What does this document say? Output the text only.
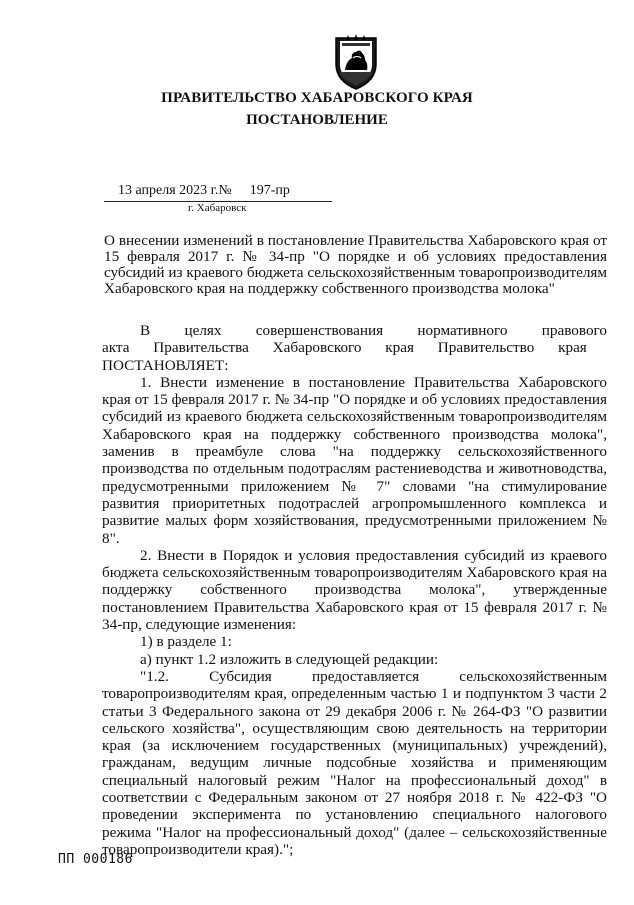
ПРАВИТЕЛЬСТВО ХАБАРОВСКОГО КРАЯ
ПОСТАНОВЛЕНИЕ
13 апреля 2023 г.№ 197-пр
г. Хабаровск
О внесении изменений в постановление Правительства Хабаровского края от 15 февраля 2017 г. № 34-пр "О порядке и об условиях предоставления субсидий из краевого бюджета сельскохозяйственным товаропроизводителям Хабаровского края на поддержку собственного производства молока"

В целях совершенствования нормативного правового акта Правительства Хабаровского края Правительство края

ПОСТАНОВЛЯЕТ:

1. Внести изменение в постановление Правительства Хабаровского края от 15 февраля 2017 г. № 34-пр "О порядке и об условиях предоставления субсидий из краевого бюджета сельскохозяйственным товаропроизводителям Хабаровского края на поддержку собственного производства молока", заменив в преамбуле слова "на поддержку сельскохозяйственного производства по отдельным подотраслям растениеводства и животноводства, предусмотренными приложением № 7" словами "на стимулирование развития приоритетных подотраслей агропромышленного комплекса и развитие малых форм хозяйствования, предусмотренными приложением № 8".

2. Внести в Порядок и условия предоставления субсидий из краевого бюджета сельскохозяйственным товаропроизводителям Хабаровского края на поддержку собственного производства молока", утвержденные постановлением Правительства Хабаровского края от 15 февраля 2017 г. № 34-пр, следующие изменения:

1) в разделе 1:

а) пункт 1.2 изложить в следующей редакции:

"1.2. Субсидия предоставляется сельскохозяйственным товаропроизводителям края, определенным частью 1 и подпунктом 3 части 2 статьи 3 Федерального закона от 29 декабря 2006 г. № 264-ФЗ "О развитии сельского хозяйства", осуществляющим свою деятельность на территории края (за исключением государственных (муниципальных) учреждений), гражданам, ведущим личные подсобные хозяйства и применяющим специальный налоговый режим "Налог на профессиональный доход" в соответствии с Федеральным законом от 27 ноября 2018 г. № 422-ФЗ "О проведении эксперимента по установлению специального налогового режима "Налог на профессиональный доход" (далее – сельскохозяйственные товаропроизводители края).";

ПП 000186
